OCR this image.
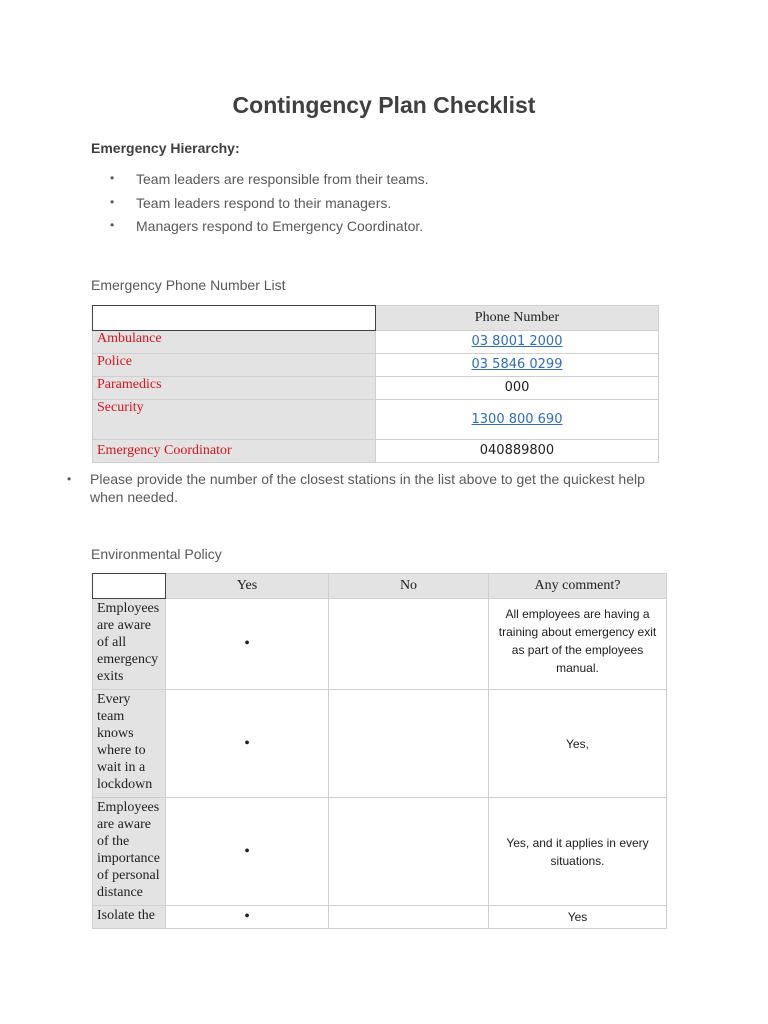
Contingency Plan Checklist
Emergency Hierarchy:
• Team leaders are responsible from their teams.
• Team leaders respond to their managers.
• Managers respond to Emergency Coordinator.
Emergency Phone Number List
	Phone Number
Ambulance	03 8001 2000
Police	03 5846 0299
Paramedics	000
Security	1300 800 690
Emergency Coordinator	040889800
• Please provide the number of the closest stations in the list above to get the quickest help when needed.
Environmental Policy
	Yes	No	Any comment?
Employees are aware of all emergency exits	•		All employees are having a training about emergency exit as part of the employees manual.
Every team knows where to wait in a lockdown	•		Yes,
Employees are aware of the importance of personal distance	•		Yes, and it applies in every situations.
Isolate the	•		Yes
